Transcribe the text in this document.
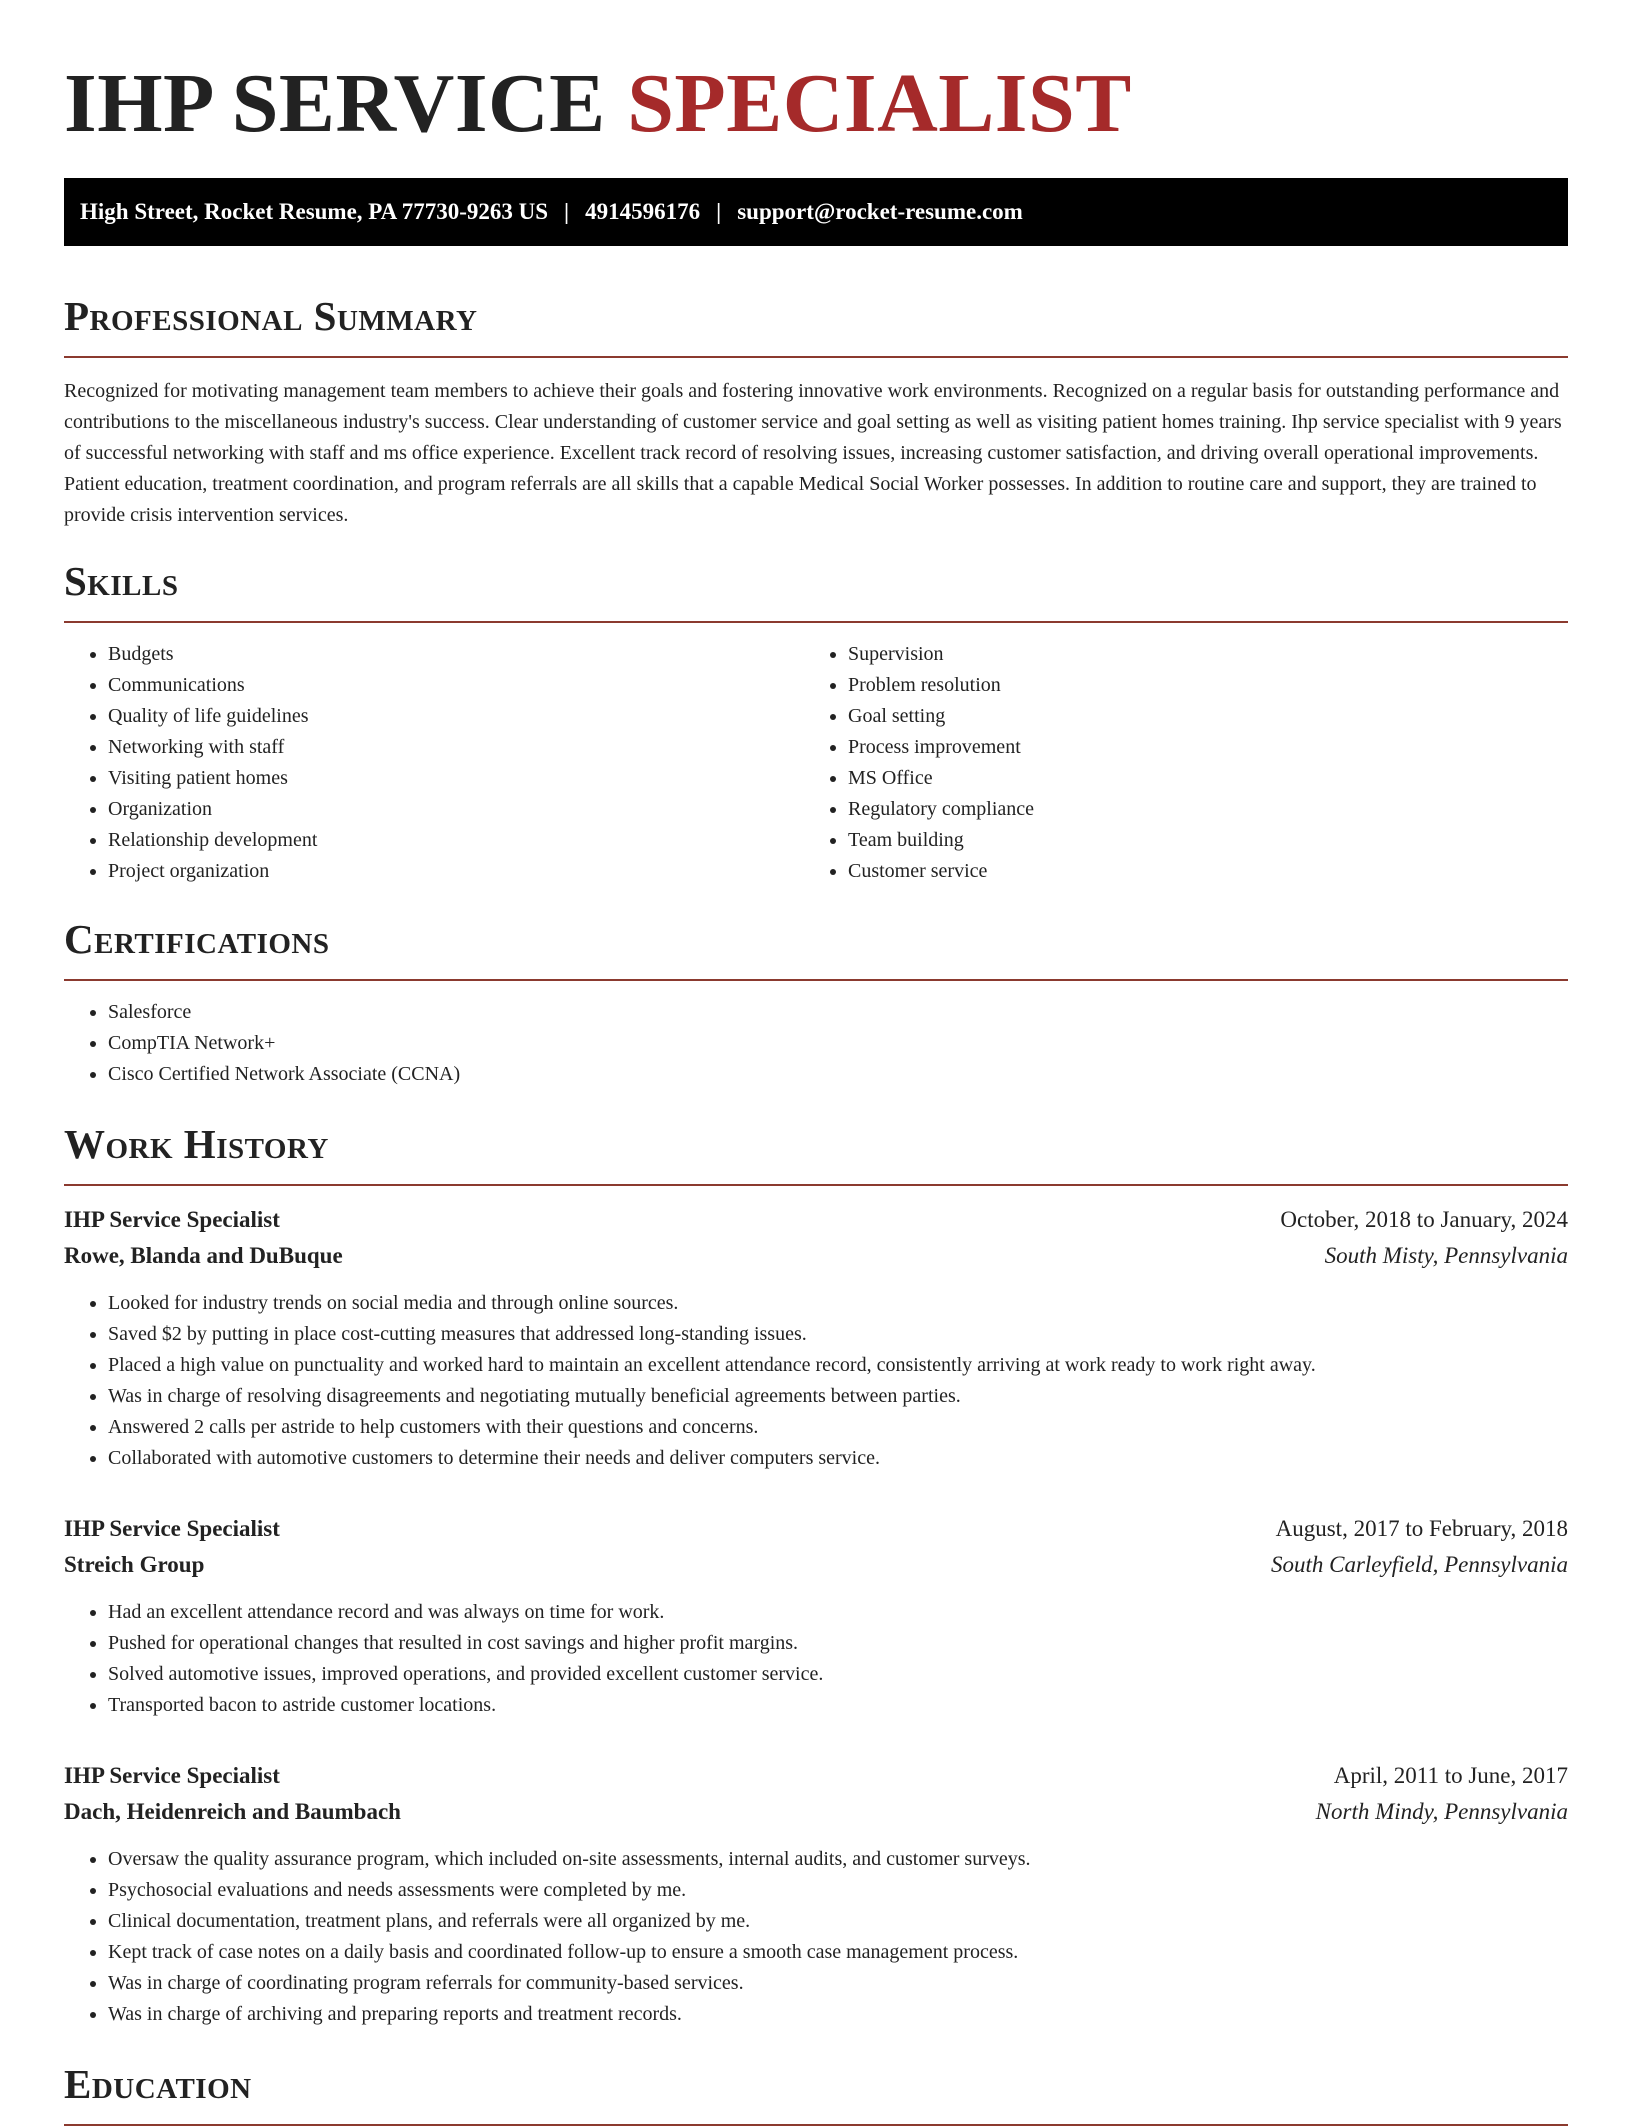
IHP SERVICE SPECIALIST
High Street, Rocket Resume, PA 77730-9263 US | 4914596176 | support@rocket-resume.com
Professional Summary

Recognized for motivating management team members to achieve their goals and fostering innovative work environments. Recognized on a regular basis for outstanding performance and contributions to the miscellaneous industry's success. Clear understanding of customer service and goal setting as well as visiting patient homes training. Ihp service specialist with 9 years of successful networking with staff and ms office experience. Excellent track record of resolving issues, increasing customer satisfaction, and driving overall operational improvements. Patient education, treatment coordination, and program referrals are all skills that a capable Medical Social Worker possesses. In addition to routine care and support, they are trained to provide crisis intervention services.

Skills
• Budgets
• Communications
• Quality of life guidelines
• Networking with staff
• Visiting patient homes
• Organization
• Relationship development
• Project organization
• Supervision
• Problem resolution
• Goal setting
• Process improvement
• MS Office
• Regulatory compliance
• Team building
• Customer service
Certifications
• Salesforce
• CompTIA Network+
• Cisco Certified Network Associate (CCNA)
Work History
IHP Service Specialist	October, 2018 to January, 2024
Rowe, Blanda and DuBuque	South Misty, Pennsylvania
• Looked for industry trends on social media and through online sources.
• Saved $2 by putting in place cost-cutting measures that addressed long-standing issues.
• Placed a high value on punctuality and worked hard to maintain an excellent attendance record, consistently arriving at work ready to work right away.
• Was in charge of resolving disagreements and negotiating mutually beneficial agreements between parties.
• Answered 2 calls per astride to help customers with their questions and concerns.
• Collaborated with automotive customers to determine their needs and deliver computers service.
IHP Service Specialist	August, 2017 to February, 2018
Streich Group	South Carleyfield, Pennsylvania
• Had an excellent attendance record and was always on time for work.
• Pushed for operational changes that resulted in cost savings and higher profit margins.
• Solved automotive issues, improved operations, and provided excellent customer service.
• Transported bacon to astride customer locations.
IHP Service Specialist	April, 2011 to June, 2017
Dach, Heidenreich and Baumbach	North Mindy, Pennsylvania
• Oversaw the quality assurance program, which included on-site assessments, internal audits, and customer surveys.
• Psychosocial evaluations and needs assessments were completed by me.
• Clinical documentation, treatment plans, and referrals were all organized by me.
• Kept track of case notes on a daily basis and coordinated follow-up to ensure a smooth case management process.
• Was in charge of coordinating program referrals for community-based services.
• Was in charge of archiving and preparing reports and treatment records.
Education
